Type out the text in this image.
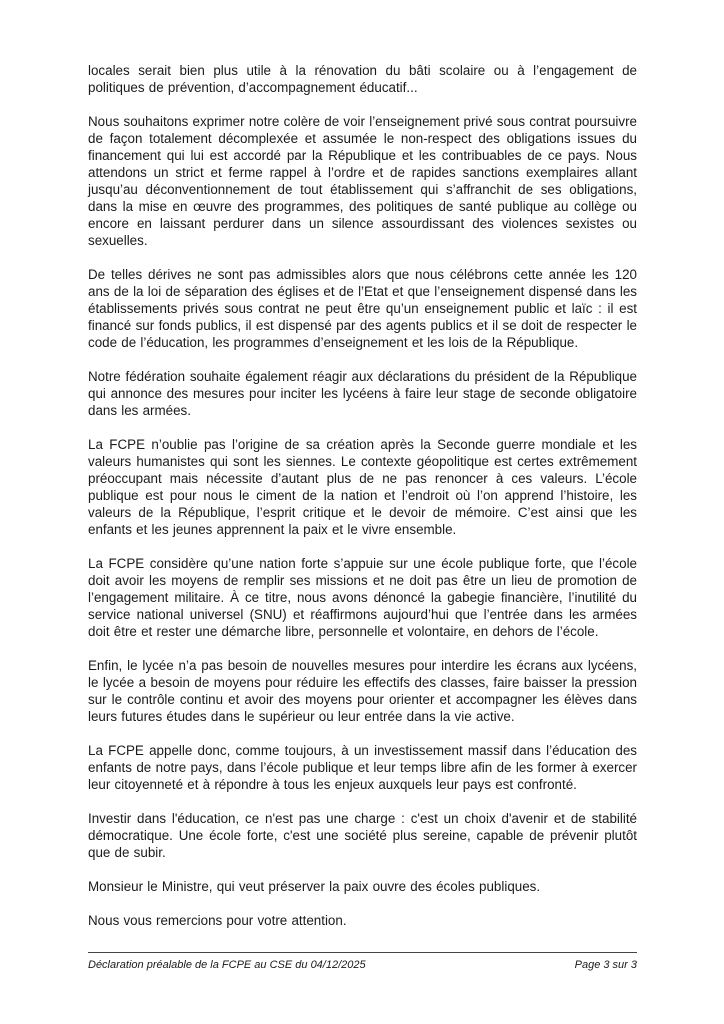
locales serait bien plus utile à la rénovation du bâti scolaire ou à l’engagement de politiques de prévention, d’accompagnement éducatif...

Nous souhaitons exprimer notre colère de voir l’enseignement privé sous contrat poursuivre de façon totalement décomplexée et assumée le non-respect des obligations issues du financement qui lui est accordé par la République et les contribuables de ce pays. Nous attendons un strict et ferme rappel à l’ordre et de rapides sanctions exemplaires allant jusqu’au déconventionnement de tout établissement qui s’affranchit de ses obligations, dans la mise en œuvre des programmes, des politiques de santé publique au collège ou encore en laissant perdurer dans un silence assourdissant des violences sexistes ou sexuelles.

De telles dérives ne sont pas admissibles alors que nous célébrons cette année les 120 ans de la loi de séparation des églises et de l’Etat et que l’enseignement dispensé dans les établissements privés sous contrat ne peut être qu’un enseignement public et laïc : il est financé sur fonds publics, il est dispensé par des agents publics et il se doit de respecter le code de l’éducation, les programmes d’enseignement et les lois de la République.

Notre fédération souhaite également réagir aux déclarations du président de la République qui annonce des mesures pour inciter les lycéens à faire leur stage de seconde obligatoire dans les armées.

La FCPE n’oublie pas l’origine de sa création après la Seconde guerre mondiale et les valeurs humanistes qui sont les siennes. Le contexte géopolitique est certes extrêmement préoccupant mais nécessite d’autant plus de ne pas renoncer à ces valeurs. L’école publique est pour nous le ciment de la nation et l’endroit où l’on apprend l’histoire, les valeurs de la République, l’esprit critique et le devoir de mémoire. C’est ainsi que les enfants et les jeunes apprennent la paix et le vivre ensemble.

La FCPE considère qu’une nation forte s’appuie sur une école publique forte, que l’école doit avoir les moyens de remplir ses missions et ne doit pas être un lieu de promotion de l’engagement militaire. À ce titre, nous avons dénoncé la gabegie financière, l’inutilité du service national universel (SNU) et réaffirmons aujourd’hui que l’entrée dans les armées doit être et rester une démarche libre, personnelle et volontaire, en dehors de l’école.

Enfin, le lycée n’a pas besoin de nouvelles mesures pour interdire les écrans aux lycéens, le lycée a besoin de moyens pour réduire les effectifs des classes, faire baisser la pression sur le contrôle continu et avoir des moyens pour orienter et accompagner les élèves dans leurs futures études dans le supérieur ou leur entrée dans la vie active.

La FCPE appelle donc, comme toujours, à un investissement massif dans l’éducation des enfants de notre pays, dans l’école publique et leur temps libre afin de les former à exercer leur citoyenneté et à répondre à tous les enjeux auxquels leur pays est confronté.

Investir dans l'éducation, ce n'est pas une charge : c'est un choix d'avenir et de stabilité démocratique. Une école forte, c'est une société plus sereine, capable de prévenir plutôt que de subir.

Monsieur le Ministre, qui veut préserver la paix ouvre des écoles publiques.

Nous vous remercions pour votre attention.

Déclaration préalable de la FCPE au CSE du 04/12/2025	Page 3 sur 3
